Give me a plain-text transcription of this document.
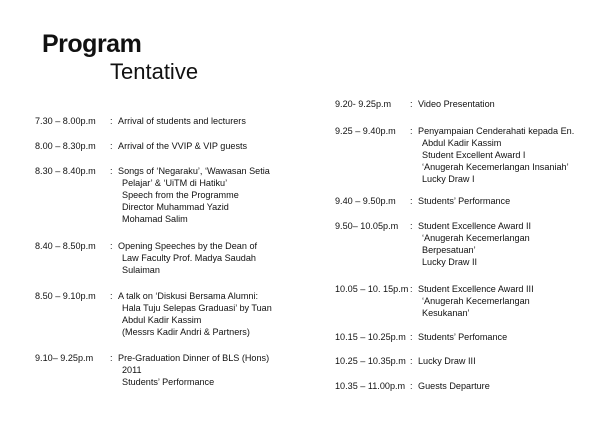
Program
Tentative
7.30 – 8.00p.m	: Arrival of students and lecturers
8.00 – 8.30p.m	: Arrival of the VVIP & VIP guests
8.30 – 8.40p.m	: Songs of ‘Negaraku’, ‘Wawasan Setia
Pelajar’ & ‘UiTM di Hatiku’
Speech from the Programme
Director Muhammad Yazid
Mohamad Salim
8.40 – 8.50p.m	: Opening Speeches by the Dean of
Law Faculty Prof. Madya Saudah
Sulaiman
8.50 – 9.10p.m	: A talk on ‘Diskusi Bersama Alumni:
Hala Tuju Selepas Graduasi’ by Tuan
Abdul Kadir Kassim
(Messrs Kadir Andri & Partners)
9.10– 9.25p.m	: Pre-Graduation Dinner of BLS (Hons)
2011
Students’ Performance
9.20- 9.25p.m	: Video Presentation
9.25 – 9.40p.m	: Penyampaian Cenderahati kepada En.
Abdul Kadir Kassim
Student Excellent Award I
‘Anugerah Kecemerlangan Insaniah’
Lucky Draw I
9.40 – 9.50p.m	: Students’ Performance
9.50– 10.05p.m	: Student Excellence Award II
‘Anugerah Kecemerlangan
Berpesatuan’
Lucky Draw II
10.05 – 10. 15p.m : Student Excellence Award III
‘Anugerah Kecemerlangan
Kesukanan’
10.15 – 10.25p.m : Students’ Perfomance
10.25 – 10.35p.m : Lucky Draw III
10.35 – 11.00p.m : Guests Departure
